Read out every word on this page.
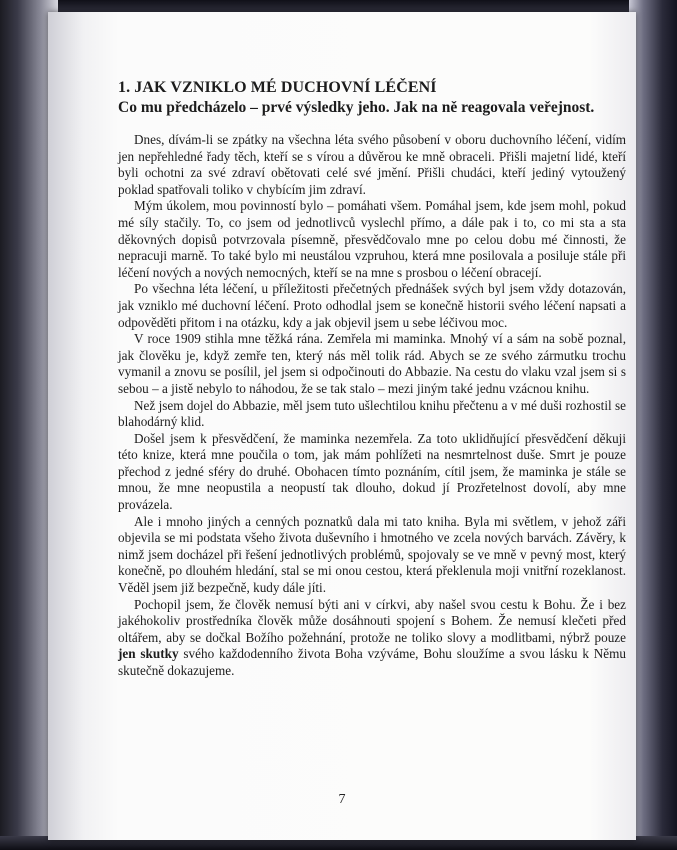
1. JAK VZNIKLO MÉ DUCHOVNÍ LÉČENÍ
Co mu předcházelo – prvé výsledky jeho. Jak na ně reagovala veřejnost.

Dnes, dívám-li se zpátky na všechna léta svého působení v oboru duchovního léčení, vidím jen nepřehledné řady těch, kteří se s vírou a důvěrou ke mně obraceli. Přišli majetní lidé, kteří byli ochotni za své zdraví obětovati celé své jmění. Přišli chudáci, kteří jediný vytoužený poklad spatřovali toliko v chybícím jim zdraví.

Mým úkolem, mou povinností bylo – pomáhati všem. Pomáhal jsem, kde jsem mohl, pokud mé síly stačily. To, co jsem od jednotlivců vyslechl přímo, a dále pak i to, co mi sta a sta děkovných dopisů potvrzovala písemně, přesvědčovalo mne po celou dobu mé činnosti, že nepracuji marně. To také bylo mi neustálou vzpruhou, která mne posilovala a posiluje stále při léčení nových a nových nemocných, kteří se na mne s prosbou o léčení obracejí.

Po všechna léta léčení, u příležitosti přečetných přednášek svých byl jsem vždy dotazován, jak vzniklo mé duchovní léčení. Proto odhodlal jsem se konečně historii svého léčení napsati a odpověděti přitom i na otázku, kdy a jak objevil jsem u sebe léčivou moc.

V roce 1909 stihla mne těžká rána. Zemřela mi maminka. Mnohý ví a sám na sobě poznal, jak člověku je, když zemře ten, který nás měl tolik rád. Abych se ze svého zármutku trochu vymanil a znovu se posílil, jel jsem si odpočinouti do Abbazie. Na cestu do vlaku vzal jsem si s sebou – a jistě nebylo to náhodou, že se tak stalo – mezi jiným také jednu vzácnou knihu.

Než jsem dojel do Abbazie, měl jsem tuto ušlechtilou knihu přečtenu a v mé duši rozhostil se blahodárný klid.

Došel jsem k přesvědčení, že maminka nezemřela. Za toto uklidňující přesvědčení děkuji této knize, která mne poučila o tom, jak mám pohlížeti na nesmrtelnost duše. Smrt je pouze přechod z jedné sféry do druhé. Obohacen tímto poznáním, cítil jsem, že maminka je stále se mnou, že mne neopustila a neopustí tak dlouho, dokud jí Prozřetelnost dovolí, aby mne provázela.

Ale i mnoho jiných a cenných poznatků dala mi tato kniha. Byla mi světlem, v jehož záři objevila se mi podstata všeho života duševního i hmotného ve zcela nových barvách. Závěry, k nimž jsem docházel při řešení jednotlivých problémů, spojovaly se ve mně v pevný most, který konečně, po dlouhém hledání, stal se mi onou cestou, která překlenula moji vnitřní rozeklanost. Věděl jsem již bezpečně, kudy dále jíti.

Pochopil jsem, že člověk nemusí býti ani v církvi, aby našel svou cestu k Bohu. Že i bez jakéhokoliv prostředníka člověk může dosáhnouti spojení s Bohem. Že nemusí klečeti před oltářem, aby se dočkal Božího požehnání, protože ne toliko slovy a modlitbami, nýbrž pouze jen skutky svého každodenního života Boha vzýváme, Bohu sloužíme a svou lásku k Němu skutečně dokazujeme.

7
